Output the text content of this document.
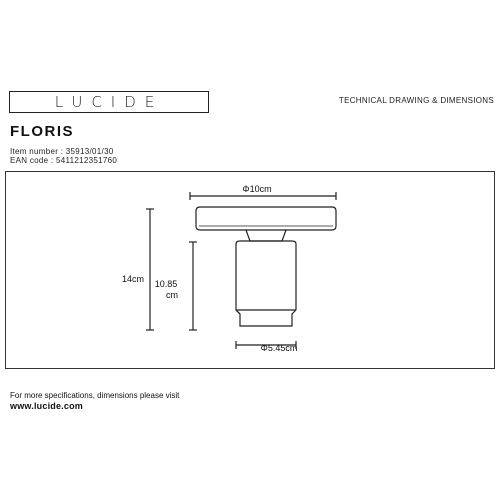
LUCIDE	TECHNICAL DRAWING & DIMENSIONS
FLORIS
Item number : 35913/01/30
EAN code : 5411212351760
Φ10cm
14cm 10.85
cm
Φ5.45cm
For more specifications, dimensions please visit
www.lucide.com
